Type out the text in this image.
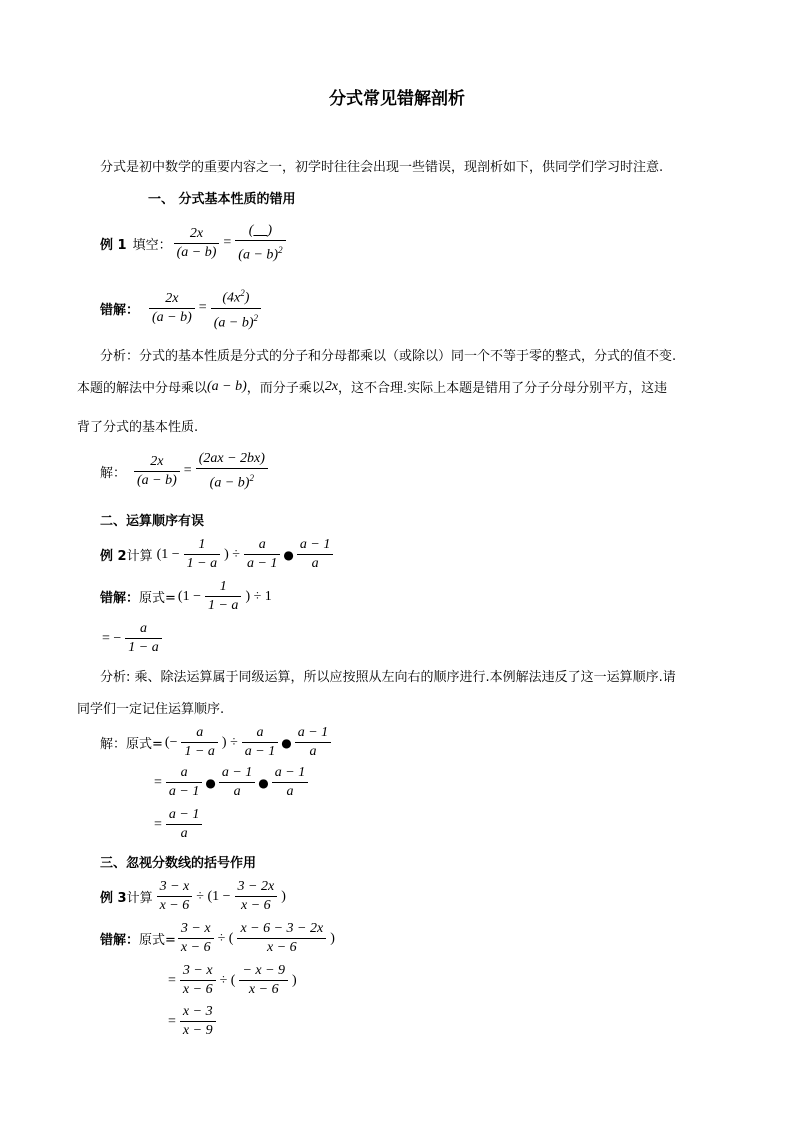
分式常见错解剖析
分式是初中数学的重要内容之一，初学时往往会出现一些错误，现剖析如下，供同学们学习时注意.
一、 分式基本性质的错用
例 1 填空： $\frac{2x}{(a - b)} = \frac{( )}{(a - b)^2}$
错解： $\frac{2x}{(a - b)} = \frac{(4x^2)}{(a - b)^2}$
分析：分式的基本性质是分式的分子和分母都乘以（或除以）同一个不等于零的整式，分式的值不变.
本题的解法中分母乘以 (a − b) ，而分子乘以 2x ，这不合理.实际上本题是错用了分子分母分别平方，这违
背了分式的基本性质.
解： $\frac{2x}{(a - b)} = \frac{(2ax - 2bx)}{(a - b)^2}$
二、运算顺序有误
例 2 计算 ($1 - \frac{1}{1 - a}$ ) ÷ $\frac{a}{a - 1}$ ● $\frac{a - 1}{a}$
错解： 原式= ($1 - \frac{1}{1 - a}$ ) ÷ 1
= − $\frac{a}{1 - a}$
分析: 乘、除法运算属于同级运算，所以应按照从左向右的顺序进行.本例解法违反了这一运算顺序.请
同学们一定记住运算顺序.
解：原式= (− $\frac{a}{1 - a}$ ) ÷ $\frac{a}{a - 1}$ ● $\frac{a - 1}{a}$
= $\frac{a}{a - 1}$ ● $\frac{a - 1}{a}$ ● $\frac{a - 1}{a}$
= $\frac{a - 1}{a}$
三、忽视分数线的括号作用
例 3 计算 $\frac{3 - x}{x - 6} \div (1 - \frac{3 - 2x}{x - 6}$ )
错解： 原式= $\frac{3 - x}{x - 6}$ ÷ ( $\frac{x - 6 - 3 - 2x}{x - 6}$ )
= $\frac{3 - x}{x - 6}$ ÷ ( $\frac{- x - 9}{x - 6}$ )
= $\frac{x - 3}{x - 9}$
